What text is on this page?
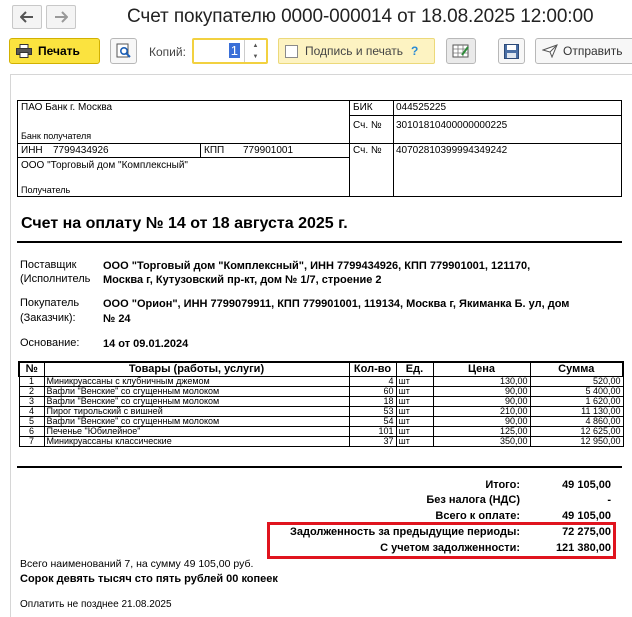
Счет покупателю 0000-000014 от 18.08.2025 12:00:00
Печать	Копий:	1	▲
▼	Подпись и печать ?	Отправить
ПАО Банк г. Москва
Банк получателя
БИК 044525225
Сч. № 30101810400000000225
ИНН 7799434926	КПП 779901001	Сч. № 40702810399994349242
ООО "Торговый дом "Комплексный"
Получатель
Счет на оплату № 14 от 18 августа 2025 г.
Поставщик
(Исполнитель
ООО "Торговый дом "Комплексный", ИНН 7799434926, КПП 779901001, 121170,
Москва г, Кутузовский пр-кт, дом № 1/7, строение 2
Покупатель
(Заказчик):
ООО "Орион", ИНН 7799079911, КПП 779901001, 119134, Москва г, Якиманка Б. ул, дом
№ 24
Основание: 14 от 09.01.2024
№	Товары (работы, услуги)	Кол-во	Ед.	Цена	Сумма
1	Миникруассаны с клубничным джемом	4	шт	130,00	520,00
2	Вафли "Венские" со сгущенным молоком	60	шт	90,00	5 400,00
3	Вафли "Венские" со сгущенным молоком	18	шт	90,00	1 620,00
4	Пирог тирольский с вишней	53	шт	210,00	11 130,00
5	Вафли "Венские" со сгущенным молоком	54	шт	90,00	4 860,00
6	Печенье "Юбилейное"	101	шт	125,00	12 625,00
7	Миникруассаны классические	37	шт	350,00	12 950,00
Итого:	49 105,00
Без налога (НДС)	-
Всего к оплате:	49 105,00
Задолженность за предыдущие периоды:	72 275,00
С учетом задолженности:	121 380,00
Всего наименований 7, на сумму 49 105,00 руб.
Сорок девять тысяч сто пять рублей 00 копеек
Оплатить не позднее 21.08.2025
